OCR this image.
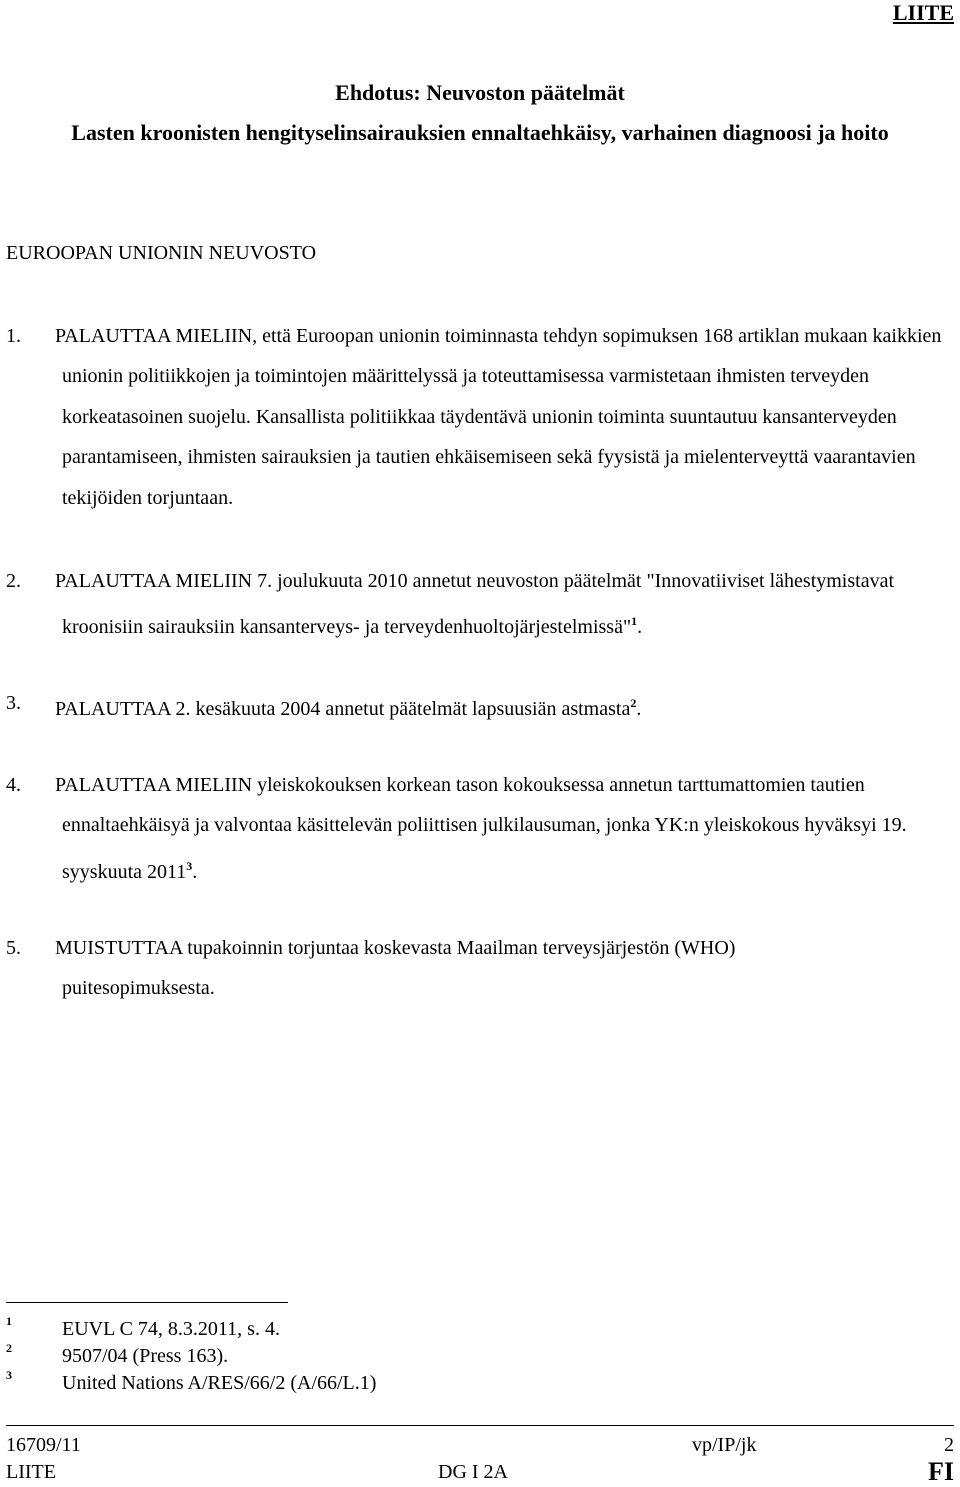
LIITE
Ehdotus: Neuvoston päätelmät
Lasten kroonisten hengityselinsairauksien ennaltaehkäisy, varhainen diagnoosi ja hoito
EUROOPAN UNIONIN NEUVOSTO
1. PALAUTTAA MIELIIN, että Euroopan unionin toiminnasta tehdyn sopimuksen 168 artiklan mukaan kaikkien unionin politiikkojen ja toimintojen määrittelyssä ja toteuttamisessa varmistetaan ihmisten terveyden korkeatasoinen suojelu. Kansallista politiikkaa täydentävä unionin toiminta suuntautuu kansanterveyden parantamiseen, ihmisten sairauksien ja tautien ehkäisemiseen sekä fyysistä ja mielenterveyttä vaarantavien tekijöiden torjuntaan.
2. PALAUTTAA MIELIIN 7. joulukuuta 2010 annetut neuvoston päätelmät "Innovatiiviset lähestymistavat kroonisiin sairauksiin kansanterveys- ja terveydenhuoltojärjestelmissä"$^1$.
3. PALAUTTAA 2. kesäkuuta 2004 annetut päätelmät lapsuusiän astmasta$^2$.
4. PALAUTTAA MIELIIN yleiskokouksen korkean tason kokouksessa annetun tarttumattomien tautien ennaltaehkäisyä ja valvontaa käsittelevän poliittisen julkilausuman, jonka YK:n yleiskokous hyväksyi 19. syyskuuta 2011$^3$.
5. MUISTUTTAA tupakoinnin torjuntaa koskevasta Maailman terveysjärjestön (WHO) puitesopimuksesta.
1	EUVL C 74, 8.3.2011, s. 4.
2	9507/04 (Press 163).
3	United Nations A/RES/66/2 (A/66/L.1)
16709/11	vp/IP/jk	2
LIITE	DG I 2A	FI
